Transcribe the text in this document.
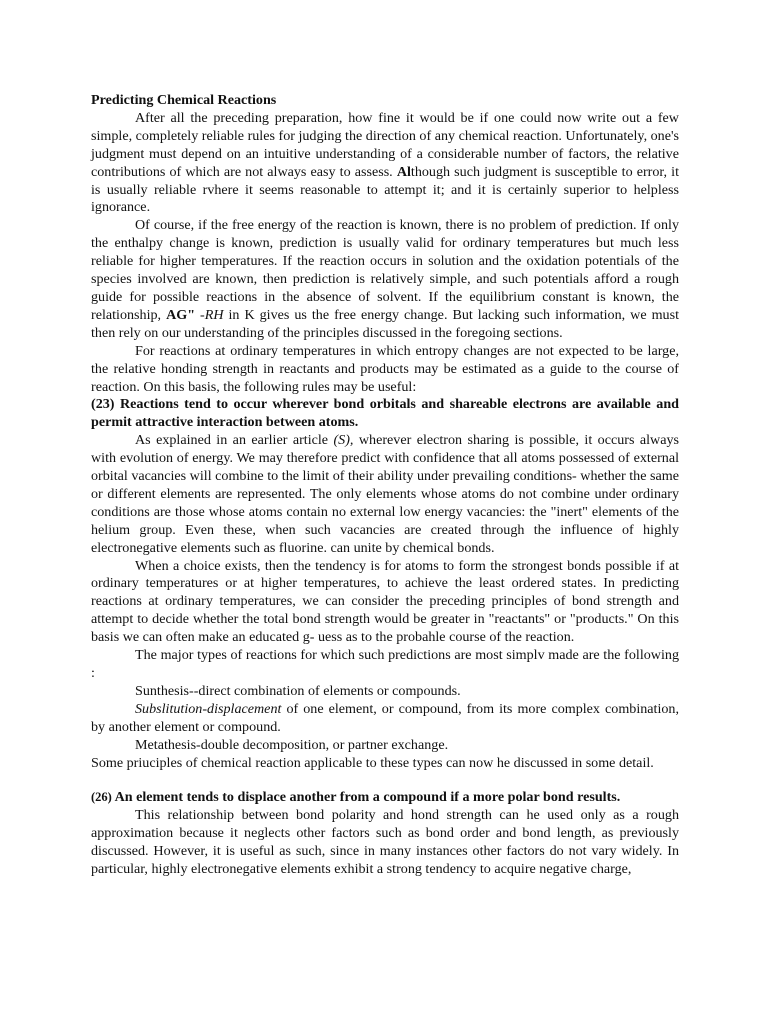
Predicting Chemical Reactions

After all the preceding preparation, how fine it would be if one could now write out a few simple, completely reliable rules for judging the direction of any chemical reaction. Unfortunately, one's judgment must depend on an intuitive understanding of a considerable number of factors, the relative contributions of which are not always easy to assess. Although such judgment is susceptible to error, it is usually reliable rvhere it seems reasonable to attempt it; and it is certainly superior to helpless ignorance.

Of course, if the free energy of the reaction is known, there is no problem of prediction. If only the enthalpy change is known, prediction is usually valid for ordinary temperatures but much less reliable for higher temperatures. If the reaction occurs in solution and the oxidation potentials of the species involved are known, then prediction is relatively simple, and such potentials afford a rough guide for possible reactions in the absence of solvent. If the equilibrium constant is known, the relationship, AG" -RH in K gives us the free energy change. But lacking such information, we must then rely on our understanding of the principles discussed in the foregoing sections.

For reactions at ordinary temperatures in which entropy changes are not expected to be large, the relative honding strength in reactants and products may be estimated as a guide to the course of reaction. On this basis, the following rules may be useful:

(23) Reactions tend to occur wherever bond orbitals and shareable electrons are available and permit attractive interaction between atoms.

As explained in an earlier article (S), wherever electron sharing is possible, it occurs always with evolution of energy. We may therefore predict with confidence that all atoms possessed of external orbital vacancies will combine to the limit of their ability under prevailing conditions- whether the same or different elements are represented. The only elements whose atoms do not combine under ordinary conditions are those whose atoms contain no external low energy vacancies: the "inert" elements of the helium group. Even these, when such vacancies are created through the influence of highly electronegative elements such as fluorine. can unite by chemical bonds.

When a choice exists, then the tendency is for atoms to form the strongest bonds possible if at ordinary temperatures or at higher temperatures, to achieve the least ordered states. In predicting reactions at ordinary temperatures, we can consider the preceding principles of bond strength and attempt to decide whether the total bond strength would be greater in "reactants" or "products." On this basis we can often make an educated g- uess as to the probahle course of the reaction.

The major types of reactions for which such predictions are most simplv made are the following :

Sunthesis--direct combination of elements or compounds.

Subslitution-displacement of one element, or compound, from its more complex combination, by another element or compound.

Metathesis-double decomposition, or partner exchange.

Some priuciples of chemical reaction applicable to these types can now he discussed in some detail.

(26) An element tends to displace another from a compound if a more polar bond results.

This relationship between bond polarity and hond strength can he used only as a rough approximation because it neglects other factors such as bond order and bond length, as previously discussed. However, it is useful as such, since in many instances other factors do not vary widely. In particular, highly electronegative elements exhibit a strong tendency to acquire negative charge,
